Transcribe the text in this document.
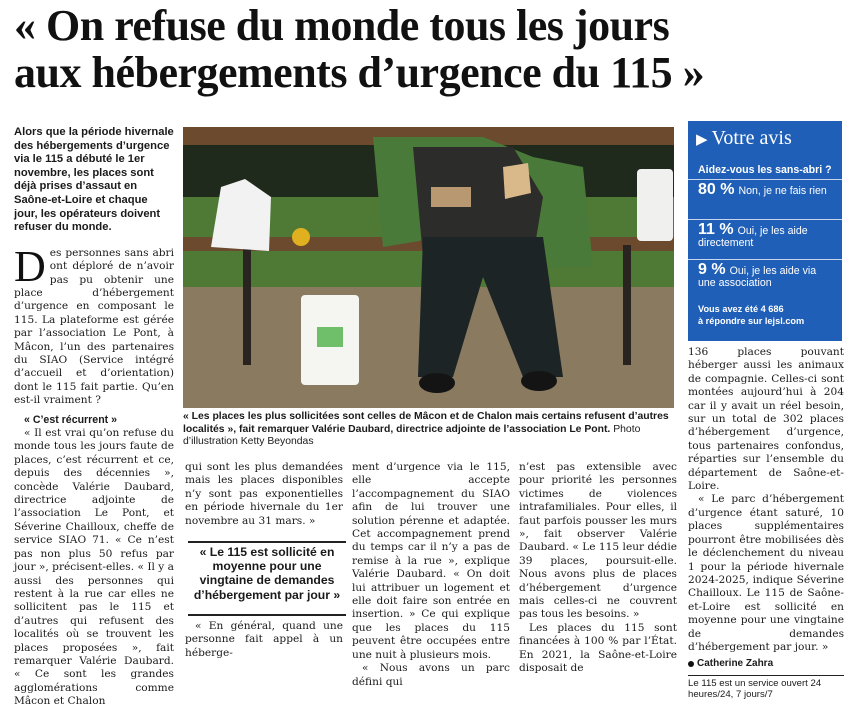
« On refuse du monde tous les jours
aux hébergements d’urgence du 115 »
Alors que la période hivernale des hébergements d’urgence via le 115 a débuté le 1er novembre, les places sont déjà prises d’assaut en Saône-et-Loire et chaque jour, les opérateurs doivent refuser du monde.
D es personnes sans abri ont déploré de n’avoir pas pu obtenir une place d’hébergement d’urgence en composant le 115. La plateforme est gérée par l’association Le Pont, à Mâcon, l’un des partenaires du SIAO (Service intégré d’accueil et d’orientation) dont le 115 fait partie. Qu’en est-il vraiment ?
« C’est récurrent »
« Il est vrai qu’on refuse du monde tous les jours faute de places, c’est récurrent et ce, depuis des décennies », concède Valérie Daubard, directrice adjointe de l’association Le Pont, et Séverine Chailloux, cheffe de service SIAO 71. « Ce n’est pas non plus 50 refus par jour », précisent-elles. « Il y a aussi des personnes qui restent à la rue car elles ne sollicitent pas le 115 et d’autres qui refusent des localités où se trouvent les places proposées », fait remarquer Valérie Daubard. « Ce sont les grandes agglomérations comme Mâcon et Chalon
« Les places les plus sollicitées sont celles de Mâcon et de Chalon mais certains refusent d’autres localités », fait remarquer Valérie Daubard, directrice adjointe de l’association Le Pont. Photo d’illustration Ketty Beyondas
qui sont les plus demandées mais les places disponibles n’y sont pas exponentielles en période hivernale du 1er novembre au 31 mars. »
« Le 115 est sollicité en moyenne pour une vingtaine de demandes d’hébergement par jour »
« En général, quand une personne fait appel à un héberge-
ment d’urgence via le 115, elle accepte l’accompagnement du SIAO afin de lui trouver une solution pérenne et adaptée. Cet accompagnement prend du temps car il n’y a pas de remise à la rue », explique Valérie Daubard. « On doit lui attribuer un logement et elle doit faire son entrée en insertion. » Ce qui explique que les places du 115 peuvent être occupées entre une nuit à plusieurs mois.
« Nous avons un parc défini qui
n’est pas extensible avec pour priorité les personnes victimes de violences intrafamiliales. Pour elles, il faut parfois pousser les murs », fait observer Valérie Daubard. « Le 115 leur dédie 39 places, poursuit-elle. Nous avons plus de places d’hébergement d’urgence mais celles-ci ne couvrent pas tous les besoins. »
Les places du 115 sont financées à 100 % par l’État. En 2021, la Saône-et-Loire disposait de
▶ Votre avis
Aidez-vous les sans-abri ?
80 % Non, je ne fais rien
11 % Oui, je les aide directement
9 % Oui, je les aide via une association
Vous avez été 4 686
à répondre sur lejsl.com
136 places pouvant héberger aussi les animaux de compagnie. Celles-ci sont montées aujourd’hui à 204 car il y avait un réel besoin, sur un total de 302 places d’hébergement d’urgence, tous partenaires confondus, réparties sur l’ensemble du département de Saône-et-Loire.
« Le parc d’hébergement d’urgence étant saturé, 10 places supplémentaires pourront être mobilisées dès le déclenchement du niveau 1 pour la période hivernale 2024-2025, indique Séverine Chailloux. Le 115 de Saône-et-Loire est sollicité en moyenne pour une vingtaine de demandes d’hébergement par jour. »
Catherine Zahra
Le 115 est un service ouvert 24 heures/24, 7 jours/7
